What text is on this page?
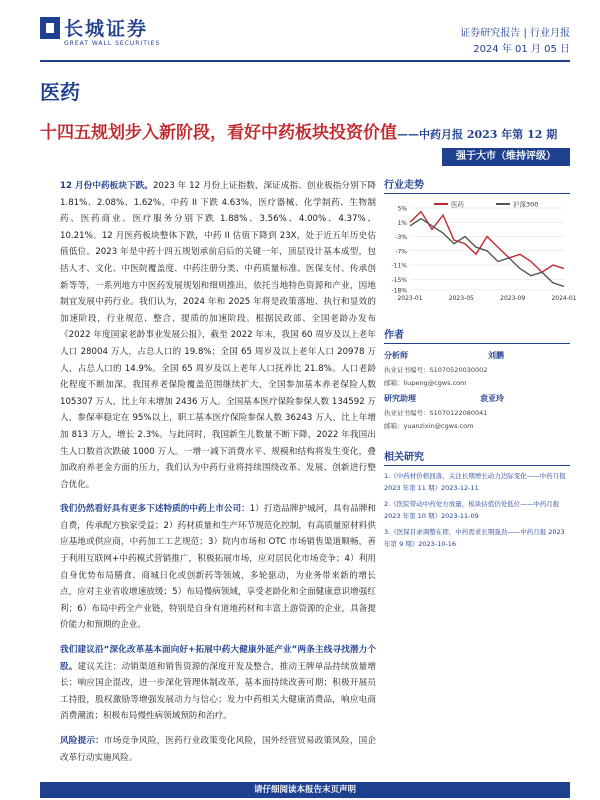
长城证券
GREAT WALL SECURITIES
证券研究报告 | 行业月报
2024 年 01 月 05 日
医药
十四五规划步入新阶段，看好中药板块投资价值——中药月报 2023 年第 12 期
强于大市（维持评级）

12 月份中药板块下跌。2023 年 12 月份上证指数、深证成指、创业板指分别下降 1.81%、2.08%、1.62%。中药 II 下跌 4.63%，医疗器械、化学制药、生物制药、医药商业、医疗服务分别下跌 1.88%、3.56%、4.00%、4.37%、10.21%。12 月医药板块整体下跌，中药 II 估值下降到 23X，处于近五年历史估值低位。2023 年是中药十四五规划承前启后的关键一年，顶层设计基本成型，包括人才、文化、中医院覆盖度、中药注册分类、中药质量标准、医保支付、传承创新等等，一系列地方中医药发展规划和细则推出，依托当地特色资源和产业，因地制宜发展中药行业。我们认为，2024 年和 2025 年将是政策落地、执行和显效的加速阶段，行业规范、整合、提质的加速阶段。根据民政部、全国老龄办发布《2022 年度国家老龄事业发展公报》，截至 2022 年末，我国 60 周岁及以上老年人口 28004 万人，占总人口的 19.8%；全国 65 周岁及以上老年人口 20978 万人，占总人口的 14.9%。全国 65 周岁及以上老年人口抚养比 21.8%。人口老龄化程度不断加深。我国养老保险覆盖范围继续扩大，全国参加基本养老保险人数 105307 万人，比上年末增加 2436 万人。全国基本医疗保险参保人数 134592 万人，参保率稳定在 95%以上，职工基本医疗保险参保人数 36243 万人，比上年增加 813 万人，增长 2.3%。与此同时，我国新生儿数量不断下降，2022 年我国出生人口数首次跌破 1000 万人。一增一减下消费水平、规模和结构将发生变化，叠加政府养老金方面的压力，我们认为中药行业将持续围绕改革、发展、创新进行整合优化。

我们仍然看好具有更多下述特质的中药上市公司：1）打造品牌护城河，具有品牌和自费，传承配方独家受益；2）药材质量和生产环节规范化控制，有高质量原材料供应基地或供应商，中药加工工艺规范；3）院内市场和 OTC 市场销售渠道顺畅，善于利用互联网+中药模式营销推广，积极拓展市场，应对居民化市场竞争；4）利用自身优势布局膳食、商城日化或创新药等领域，多轮驱动，为业务带来新的增长点，应对主业省收增速放缓；5）布局慢病领域，享受老龄化和全面健康意识增强红利；6）布局中药全产业链，特别是自身有道地药材和丰富上游资源的企业，具备提价能力和预期的企业。

我们建议沿“深化改革基本面向好+拓展中药大健康外延产业”两条主线寻找潜力个股。建议关注：动销渠道和销售资源的深度开发及整合，推动王牌单品持续放量增长；响应国企混改，进一步深化管理体制改革，基本面持续改善可期；积极开展员工持股，股权激励等增强发展动力与信心；发力中药相关大健康消费品，响应电商消费潮流；积极布局慢性病领域预防和治疗。

风险提示：市场竞争风险，医药行业政策变化风险，国外经营贸易政策风险，国企改革行动实施风险。

行业走势
5%
1%
-3%
-7%
-11%
-15%
-18%
2023-01	2023-05	2023-09	2024-01
医药	沪深300
作者
分析师	刘鹏
执业证书编号：S1070520030002
邮箱：liupeng@cgws.com
研究助理	袁亚玲
执业证书编号：S1070122080041
邮箱：yuanzixin@cgws.com
相关研究
1.《中药材价格回落，关注长期增长动力边际变化——中药月报 2023 年第 11 期》2023-12-11
2.《医院带动中药处方放量，板块估值仍处低位——中药月报 2023 年第 10 期》2023-11-09
3.《医保目录调整在即，中药需求长期强劲——中药月报 2023 年第 9 期》2023-10-16
请仔细阅读本报告末页声明
